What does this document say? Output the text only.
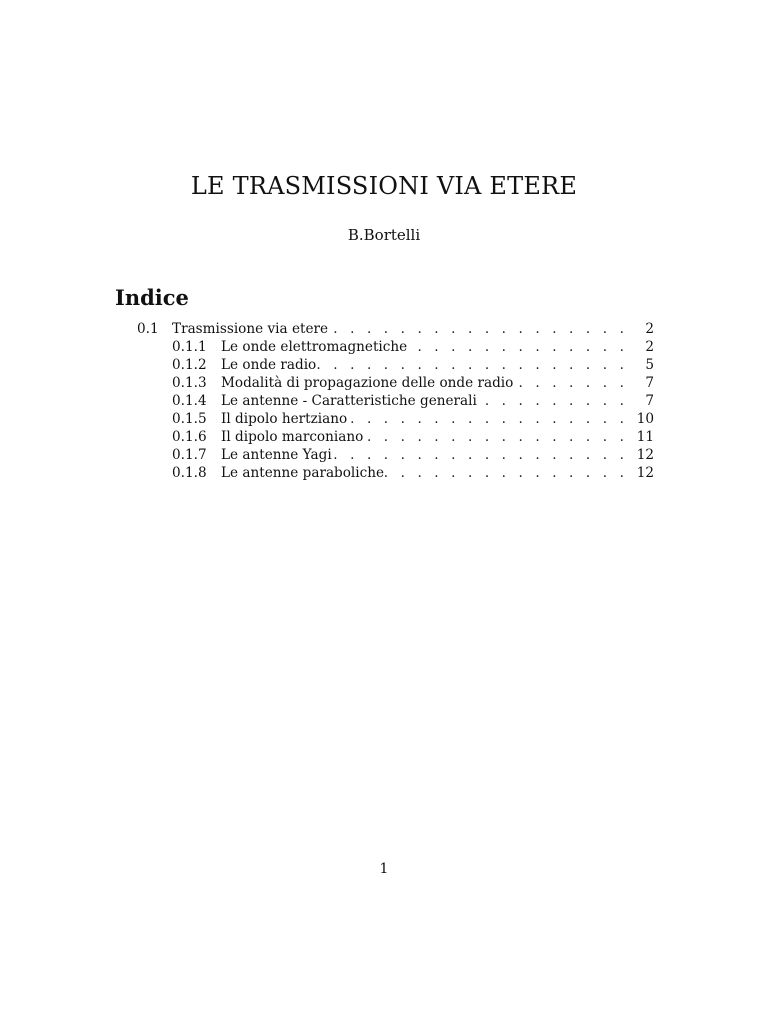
LE TRASMISSIONI VIA ETERE

B.Bortelli

Indice
0.1 Trasmissione via etere . . .	2
0.1.1	Le onde elettromagnetiche . . .	2
0.1.2	Le onde radio . . .	5
0.1.3	Modalità di propagazione delle onde radio . . .	7
0.1.4	Le antenne - Caratteristiche generali . . .	7
0.1.5	Il dipolo hertziano . . .	10
0.1.6	Il dipolo marconiano . . .	11
0.1.7	Le antenne Yagi . . .	12
0.1.8	Le antenne paraboliche . . .	12

1
